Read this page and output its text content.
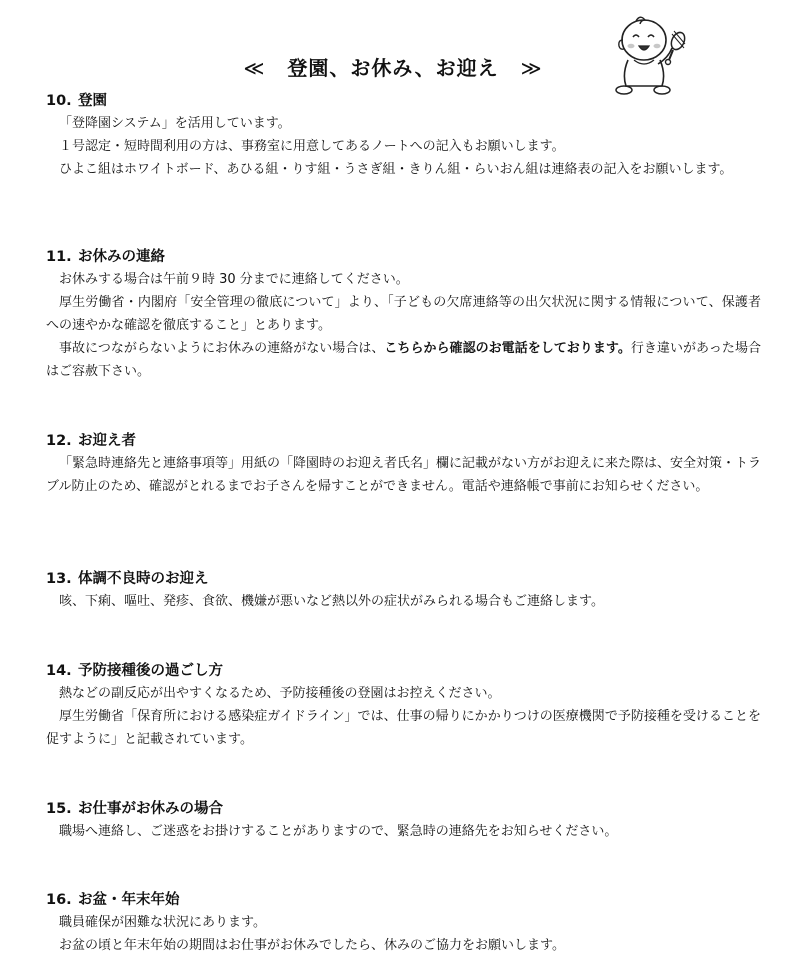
≪ 登園、お休み、お迎え ≫
10. 登園

「登降園システム」を活用しています。

１号認定・短時間利用の方は、事務室に用意してあるノートへの記入もお願いします。

ひよこ組はホワイトボード、あひる組・りす組・うさぎ組・きりん組・らいおん組は連絡表の記入をお願いします。

11. お休みの連絡

お休みする場合は午前９時 30 分までに連絡してください。

厚生労働省・内閣府「安全管理の徹底について」より、「子どもの欠席連絡等の出欠状況に関する情報について、保護者への速やかな確認を徹底すること」とあります。

事故につながらないようにお休みの連絡がない場合は、こちらから確認のお電話をしております。行き違いがあった場合はご容赦下さい。

12. お迎え者

「緊急時連絡先と連絡事項等」用紙の「降園時のお迎え者氏名」欄に記載がない方がお迎えに来た際は、安全対策・トラブル防止のため、確認がとれるまでお子さんを帰すことができません。電話や連絡帳で事前にお知らせください。

13. 体調不良時のお迎え

咳、下痢、嘔吐、発疹、食欲、機嫌が悪いなど熱以外の症状がみられる場合もご連絡します。

14. 予防接種後の過ごし方

熱などの副反応が出やすくなるため、予防接種後の登園はお控えください。

厚生労働省「保育所における感染症ガイドライン」では、仕事の帰りにかかりつけの医療機関で予防接種を受けることを促すように」と記載されています。

15. お仕事がお休みの場合

職場へ連絡し、ご迷惑をお掛けすることがありますので、緊急時の連絡先をお知らせください。

16. お盆・年末年始

職員確保が困難な状況にあります。

お盆の頃と年末年始の期間はお仕事がお休みでしたら、休みのご協力をお願いします。
